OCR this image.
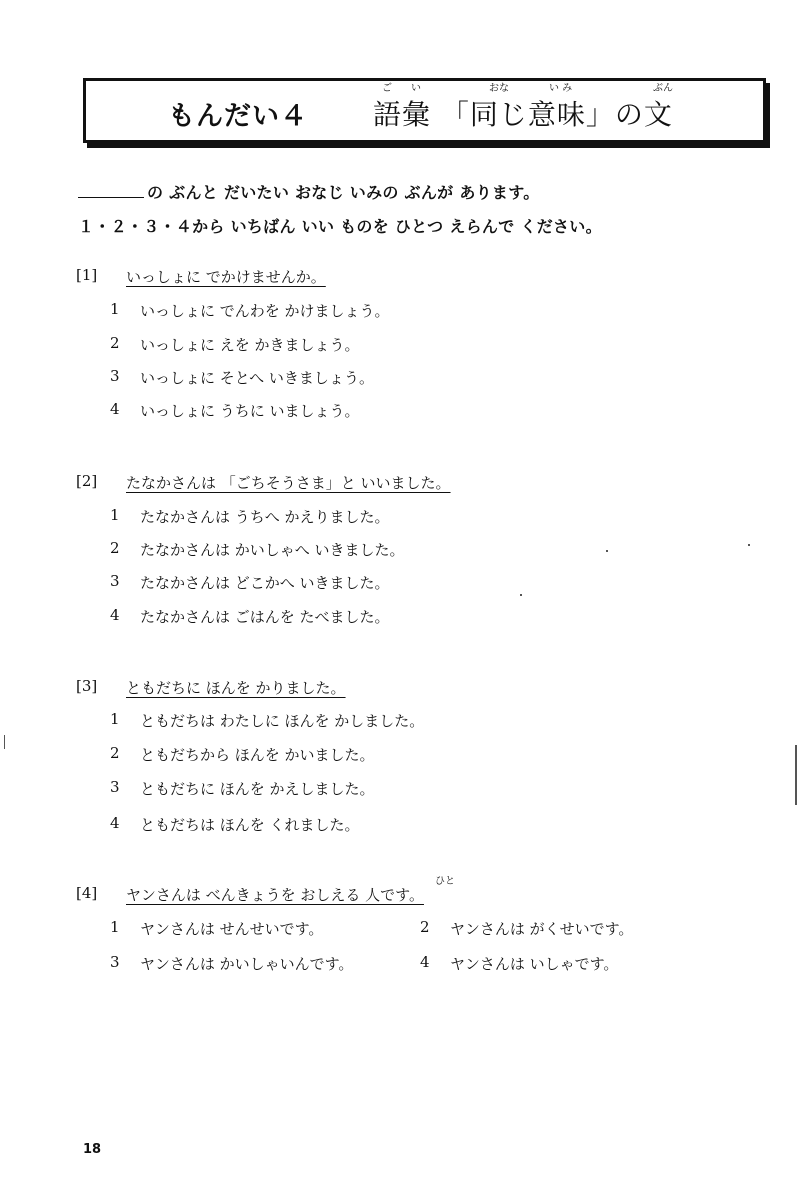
もんだい４
ご い	おな	い み	ぶん
語彙 「同じ意味」の文
の ぶんと だいたい おなじ いみの ぶんが あります。
１・２・３・４から いちばん いい ものを ひとつ えらんで ください。
[1] いっしょに でかけませんか。
1 いっしょに でんわを かけましょう。
2 いっしょに えを かきましょう。
3 いっしょに そとへ いきましょう。
4 いっしょに うちに いましょう。
[2] たなかさんは 「ごちそうさま」と いいました。
1 たなかさんは うちへ かえりました。
2 たなかさんは かいしゃへ いきました。
3 たなかさんは どこかへ いきました。
4 たなかさんは ごはんを たべました。
[3] ともだちに ほんを かりました。
1 ともだちは わたしに ほんを かしました。
2 ともだちから ほんを かいました。
3 ともだちに ほんを かえしました。
4 ともだちは ほんを くれました。
ひと
[4] ヤンさんは べんきょうを おしえる 人です。
1 ヤンさんは せんせいです。	2 ヤンさんは がくせいです。
3 ヤンさんは かいしゃいんです。	4 ヤンさんは いしゃです。
18
